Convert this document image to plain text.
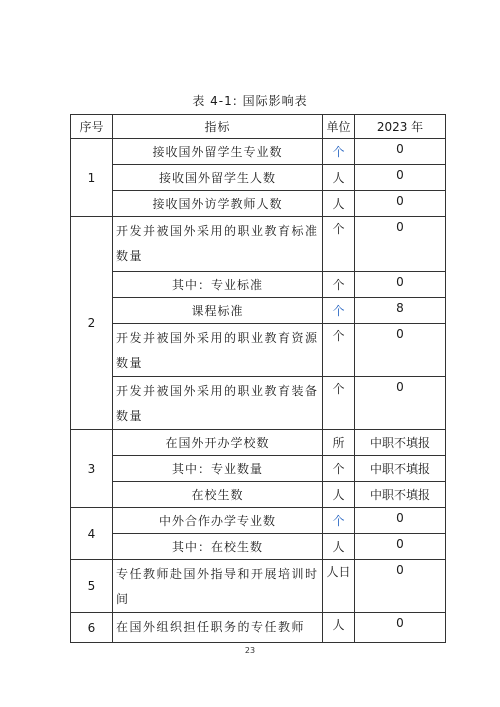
表 4-1: 国际影响表
序号	指标	单位	2023 年
1	接收国外留学生专业数	个	0
	接收国外留学生人数	人	0
	接收国外访学教师人数	人	0
2	开发并被国外采用的职业教育标准数量	个	0
	其中：专业标准	个	0
	课程标准	个	8
	开发并被国外采用的职业教育资源数量	个	0
	开发并被国外采用的职业教育装备数量	个	0
3	在国外开办学校数	所	中职不填报
	其中：专业数量	个	中职不填报
	在校生数	人	中职不填报
4	中外合作办学专业数	个	0
	其中：在校生数	人	0
5	专任教师赴国外指导和开展培训时间	人日	0
6	在国外组织担任职务的专任教师	人	0
23
